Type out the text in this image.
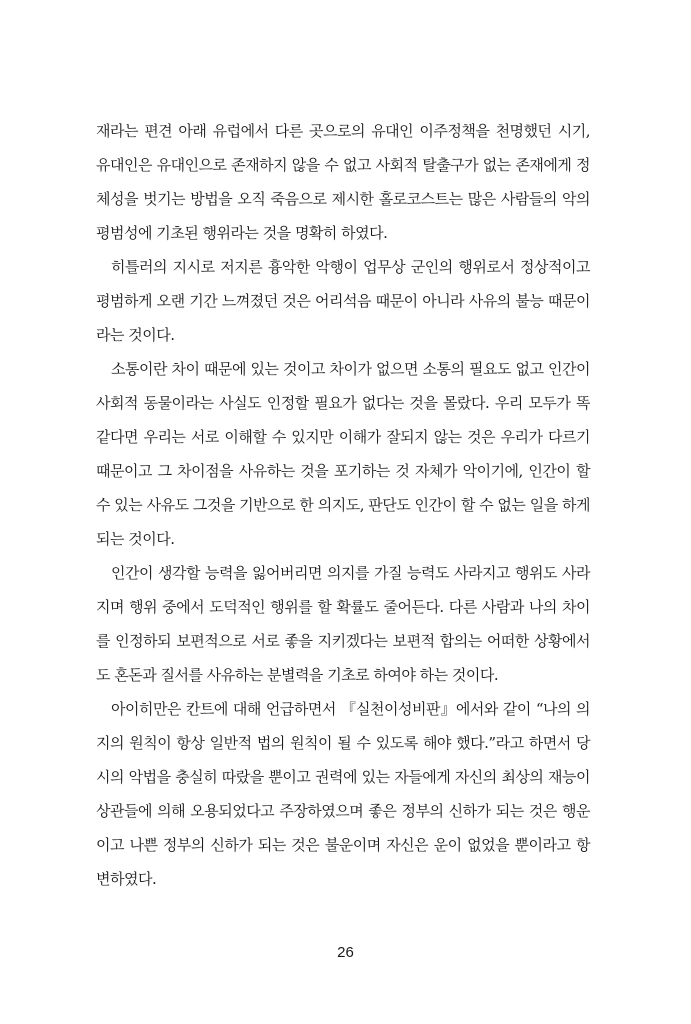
재라는 편견 아래 유럽에서 다른 곳으로의 유대인 이주정책을 천명했던 시기, 유대인은 유대인으로 존재하지 않을 수 없고 사회적 탈출구가 없는 존재에게 정체성을 벗기는 방법을 오직 죽음으로 제시한 홀로코스트는 많은 사람들의 악의 평범성에 기초된 행위라는 것을 명확히 하였다.

히틀러의 지시로 저지른 흉악한 악행이 업무상 군인의 행위로서 정상적이고 평범하게 오랜 기간 느껴졌던 것은 어리석음 때문이 아니라 사유의 불능 때문이라는 것이다.

소통이란 차이 때문에 있는 것이고 차이가 없으면 소통의 필요도 없고 인간이 사회적 동물이라는 사실도 인정할 필요가 없다는 것을 몰랐다. 우리 모두가 똑같다면 우리는 서로 이해할 수 있지만 이해가 잘되지 않는 것은 우리가 다르기 때문이고 그 차이점을 사유하는 것을 포기하는 것 자체가 악이기에, 인간이 할 수 있는 사유도 그것을 기반으로 한 의지도, 판단도 인간이 할 수 없는 일을 하게 되는 것이다.

인간이 생각할 능력을 잃어버리면 의지를 가질 능력도 사라지고 행위도 사라지며 행위 중에서 도덕적인 행위를 할 확률도 줄어든다. 다른 사람과 나의 차이를 인정하되 보편적으로 서로 좋을 지키겠다는 보편적 합의는 어떠한 상황에서도 혼돈과 질서를 사유하는 분별력을 기초로 하여야 하는 것이다.

아이히만은 칸트에 대해 언급하면서 『실천이성비판』에서와 같이 “나의 의지의 원칙이 항상 일반적 법의 원칙이 될 수 있도록 해야 했다.”라고 하면서 당시의 악법을 충실히 따랐을 뿐이고 권력에 있는 자들에게 자신의 최상의 재능이 상관들에 의해 오용되었다고 주장하였으며 좋은 정부의 신하가 되는 것은 행운이고 나쁜 정부의 신하가 되는 것은 불운이며 자신은 운이 없었을 뿐이라고 항변하였다.

26
